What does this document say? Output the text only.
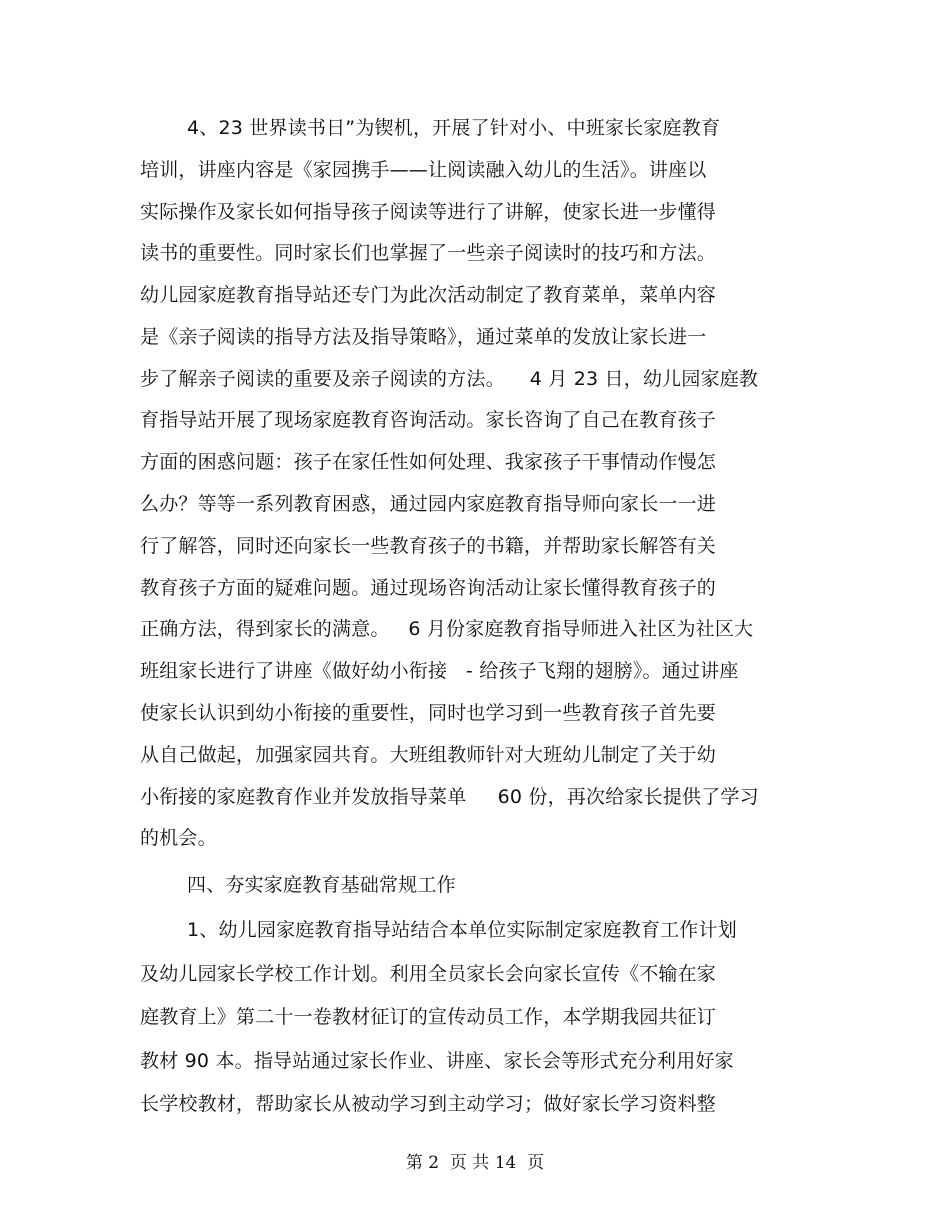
4、23 世界读书日”为锲机，开展了针对小、中班家长家庭教育
培训，讲座内容是《家园携手——让阅读融入幼儿的生活》。讲座以
实际操作及家长如何指导孩子阅读等进行了讲解，使家长进一步懂得
读书的重要性。同时家长们也掌握了一些亲子阅读时的技巧和方法。
幼儿园家庭教育指导站还专门为此次活动制定了教育菜单，菜单内容
是《亲子阅读的指导方法及指导策略》，通过菜单的发放让家长进一
步了解亲子阅读的重要及亲子阅读的方法。    4 月 23 日，幼儿园家庭教
育指导站开展了现场家庭教育咨询活动。家长咨询了自己在教育孩子
方面的困惑问题：孩子在家任性如何处理、我家孩子干事情动作慢怎
么办？等等一系列教育困惑，通过园内家庭教育指导师向家长一一进
行了解答，同时还向家长一些教育孩子的书籍，并帮助家长解答有关
教育孩子方面的疑难问题。通过现场咨询活动让家长懂得教育孩子的
正确方法，得到家长的满意。   6 月份家庭教育指导师进入社区为社区大
班组家长进行了讲座《做好幼小衔接   - 给孩子飞翔的翅膀》。通过讲座
使家长认识到幼小衔接的重要性，同时也学习到一些教育孩子首先要
从自己做起，加强家园共育。大班组教师针对大班幼儿制定了关于幼
小衔接的家庭教育作业并发放指导菜单     60 份，再次给家长提供了学习
的机会。
四、夯实家庭教育基础常规工作
1、幼儿园家庭教育指导站结合本单位实际制定家庭教育工作计划
及幼儿园家长学校工作计划。利用全员家长会向家长宣传《不输在家
庭教育上》第二十一卷教材征订的宣传动员工作，本学期我园共征订
教材 90 本。指导站通过家长作业、讲座、家长会等形式充分利用好家
长学校教材，帮助家长从被动学习到主动学习；做好家长学习资料整
第 2  页 共 14  页
